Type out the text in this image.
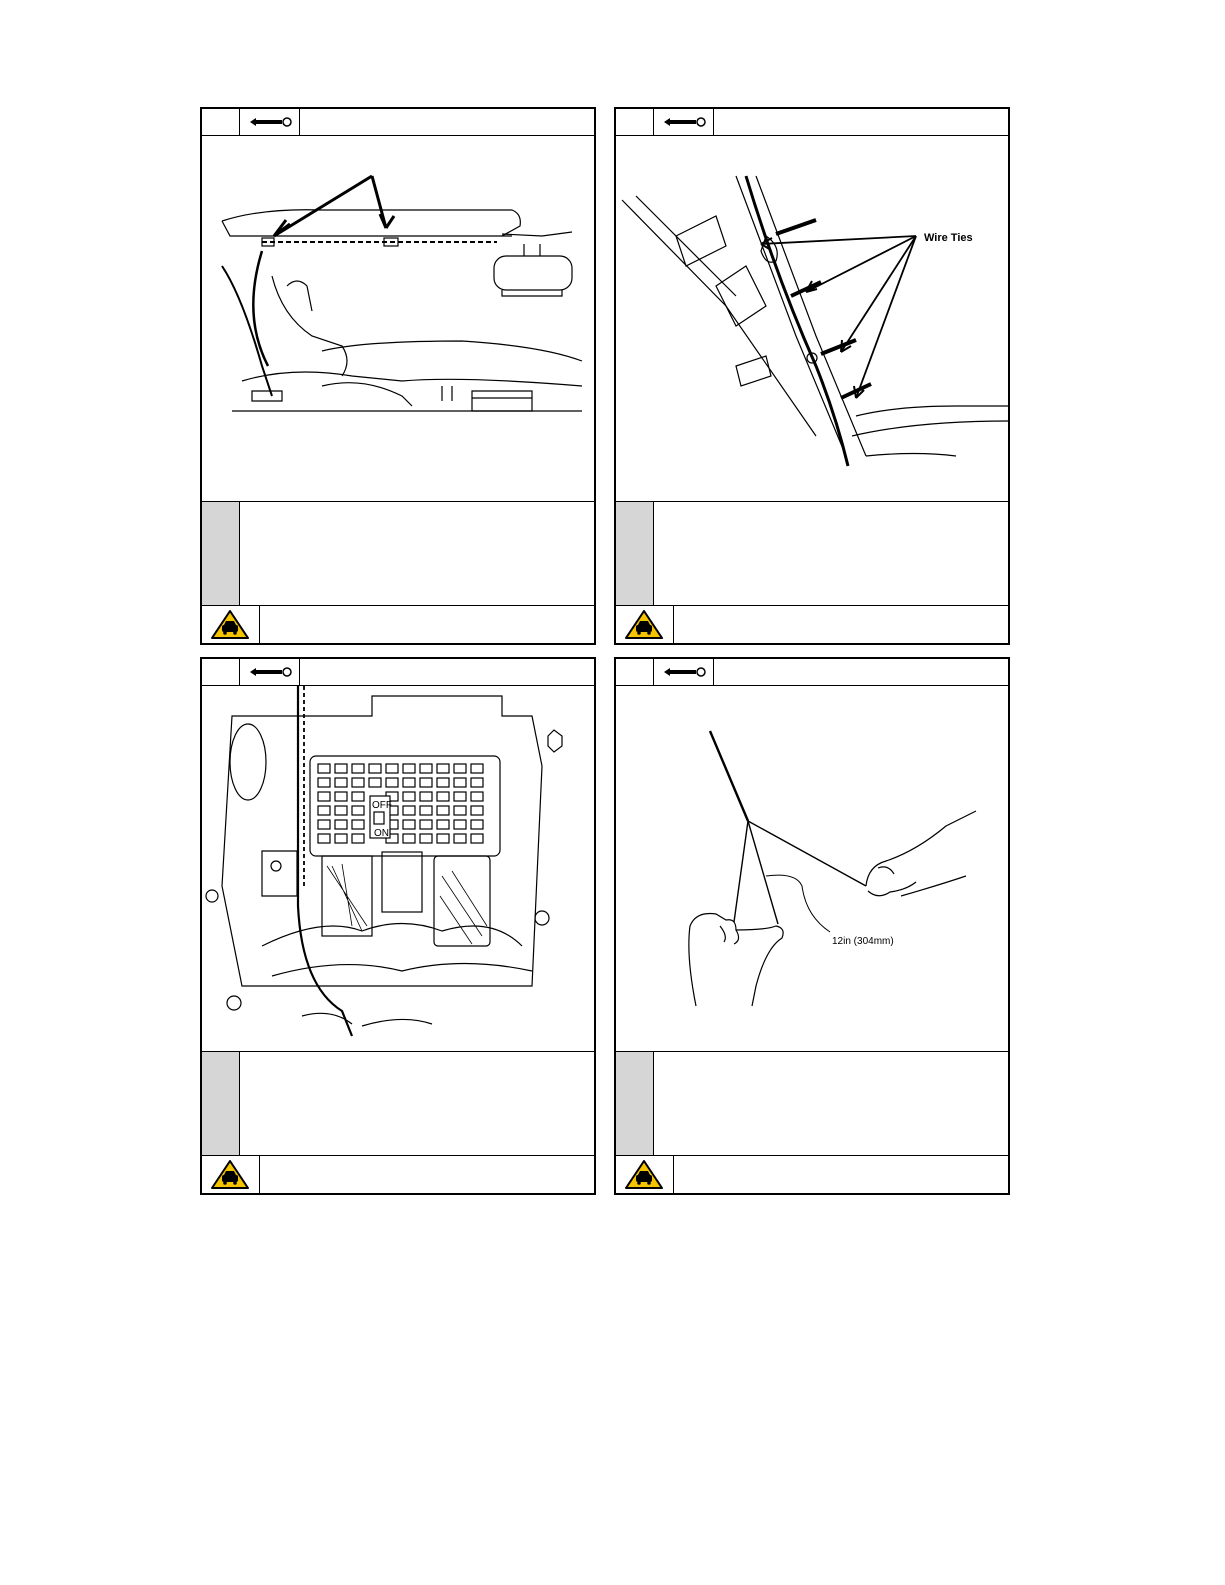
Wire Ties
OFF
ON
12in (304mm)
